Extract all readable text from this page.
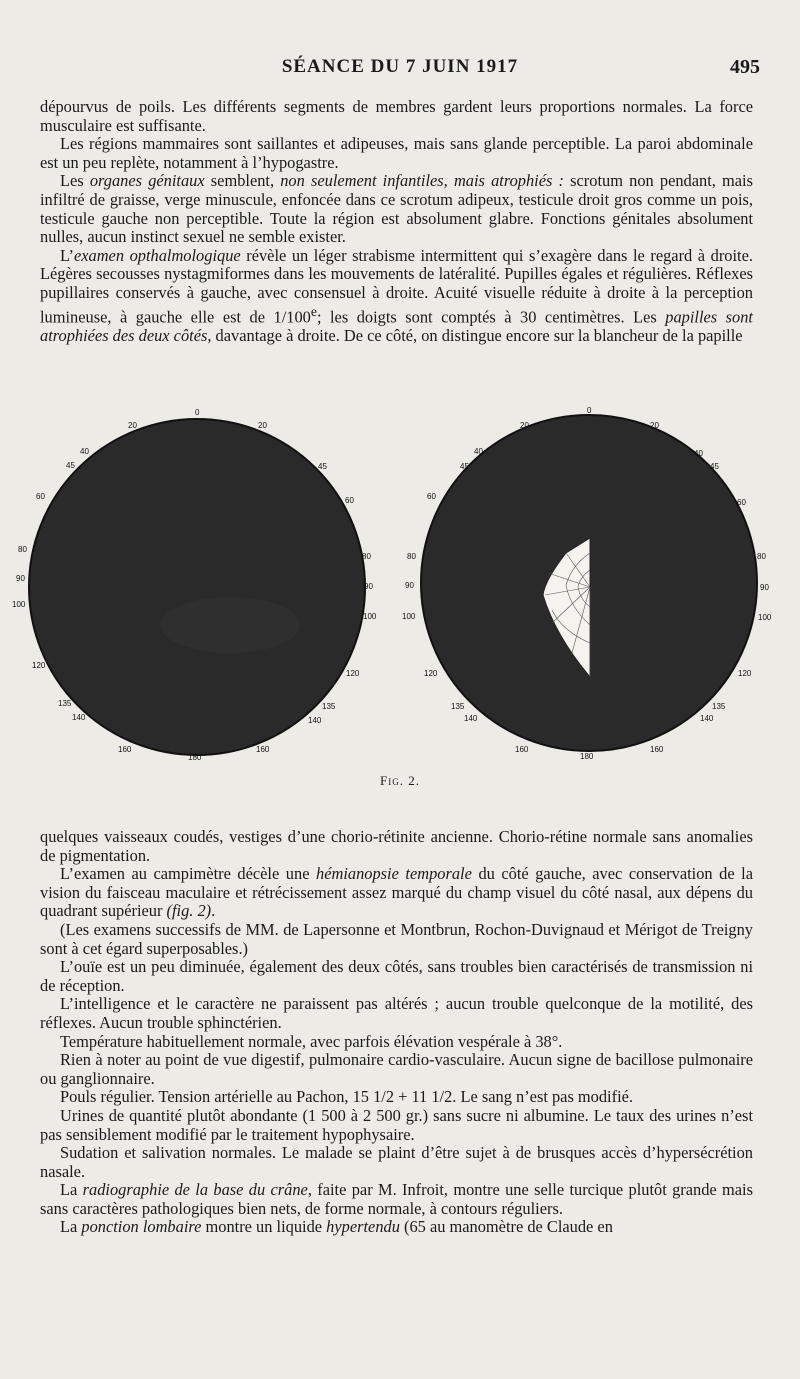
SÉANCE DU 7 JUIN 1917	495

dépourvus de poils. Les différents segments de membres gardent leurs proportions normales. La force musculaire est suffisante.

Les régions mammaires sont saillantes et adipeuses, mais sans glande perceptible. La paroi abdominale est un peu replète, notamment à l’hypogastre.

Les organes génitaux semblent, non seulement infantiles, mais atrophiés : scrotum non pendant, mais infiltré de graisse, verge minuscule, enfoncée dans ce scrotum adipeux, testicule droit gros comme un pois, testicule gauche non perceptible. Toute la région est absolument glabre. Fonctions génitales absolument nulles, aucun instinct sexuel ne semble exister.

L’examen opthalmologique révèle un léger strabisme intermittent qui s’exagère dans le regard à droite. Légères secousses nystagmiformes dans les mouvements de latéralité. Pupilles égales et régulières. Réflexes pupillaires conservés à gauche, avec consensuel à droite. Acuité visuelle réduite à droite à la perception lumineuse, à gauche elle est de 1/100e; les doigts sont comptés à 30 centimètres. Les papilles sont atrophiées des deux côtés, davantage à droite. De ce côté, on distingue encore sur la blancheur de la papille

0
20	20
40
45	45
60	60
80
80
90
90
100
100
120
120
135	135
140	140
160	160
180
0
20	20
40	40
45	45
60
60
80	80
90	90
100	100
120	120
135	135
140	140
160	160
180
Fig. 2.

quelques vaisseaux coudés, vestiges d’une chorio-rétinite ancienne. Chorio-rétine normale sans anomalies de pigmentation.

L’examen au campimètre décèle une hémianopsie temporale du côté gauche, avec conservation de la vision du faisceau maculaire et rétrécissement assez marqué du champ visuel du côté nasal, aux dépens du quadrant supérieur (fig. 2).

(Les examens successifs de MM. de Lapersonne et Montbrun, Rochon-Duvignaud et Mérigot de Treigny sont à cet égard superposables.)

L’ouïe est un peu diminuée, également des deux côtés, sans troubles bien caractérisés de transmission ni de réception.

L’intelligence et le caractère ne paraissent pas altérés ; aucun trouble quelconque de la motilité, des réflexes. Aucun trouble sphinctérien.

Température habituellement normale, avec parfois élévation vespérale à 38°.

Rien à noter au point de vue digestif, pulmonaire cardio-vasculaire. Aucun signe de bacillose pulmonaire ou ganglionnaire.

Pouls régulier. Tension artérielle au Pachon, 15 1/2 + 11 1/2. Le sang n’est pas modifié.

Urines de quantité plutôt abondante (1 500 à 2 500 gr.) sans sucre ni albumine. Le taux des urines n’est pas sensiblement modifié par le traitement hypophysaire.

Sudation et salivation normales. Le malade se plaint d’être sujet à de brusques accès d’hypersécrétion nasale.

La radiographie de la base du crâne, faite par M. Infroit, montre une selle turcique plutôt grande mais sans caractères pathologiques bien nets, de forme normale, à contours réguliers.

La ponction lombaire montre un liquide hypertendu (65 au manomètre de Claude en
